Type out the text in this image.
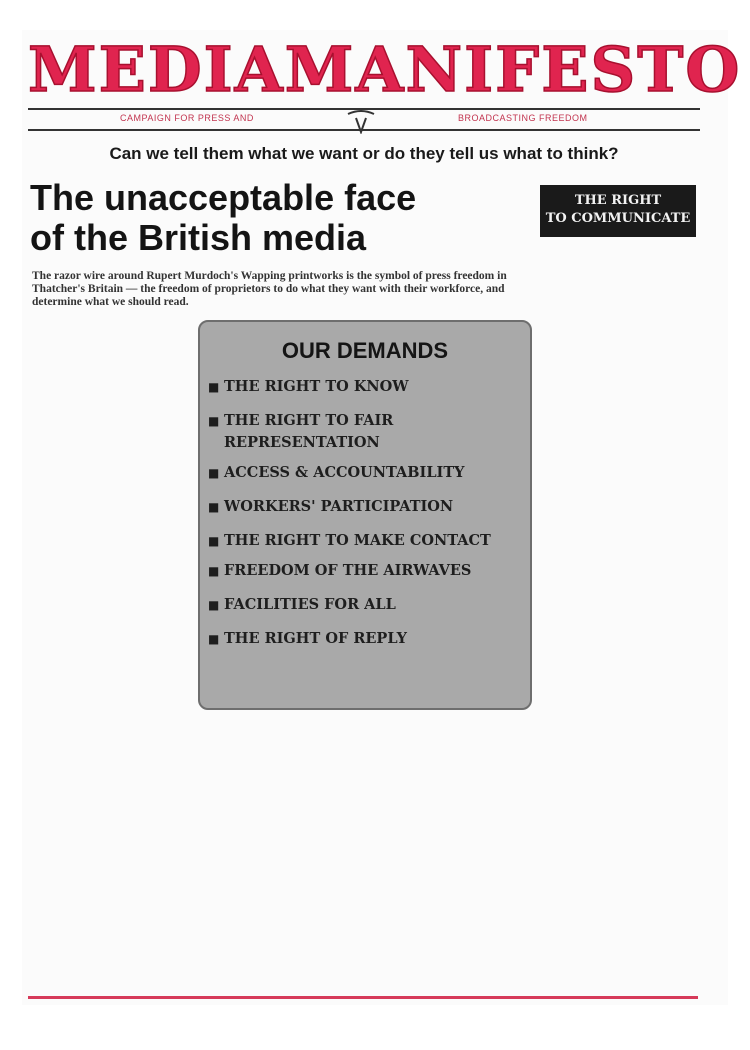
MEDIA MANIFESTO
CAMPAIGN FOR PRESS AND	BROADCASTING FREEDOM
Can we tell them what we want or do they tell us what to think?
The unacceptable face
of the British media
THE RIGHT
TO COMMUNICATE
The razor wire around Rupert Murdoch's Wapping printworks is the symbol of press freedom in Thatcher's Britain — the freedom of proprietors to do what they want with their workforce, and determine what we should read.
OUR DEMANDS
■ THE RIGHT TO KNOW
■ THE RIGHT TO FAIR REPRESENTATION
■ ACCESS & ACCOUNTABILITY
■ WORKERS' PARTICIPATION
■ THE RIGHT TO MAKE CONTACT
■ FREEDOM OF THE AIRWAVES
■ FACILITIES FOR ALL
■ THE RIGHT OF REPLY
